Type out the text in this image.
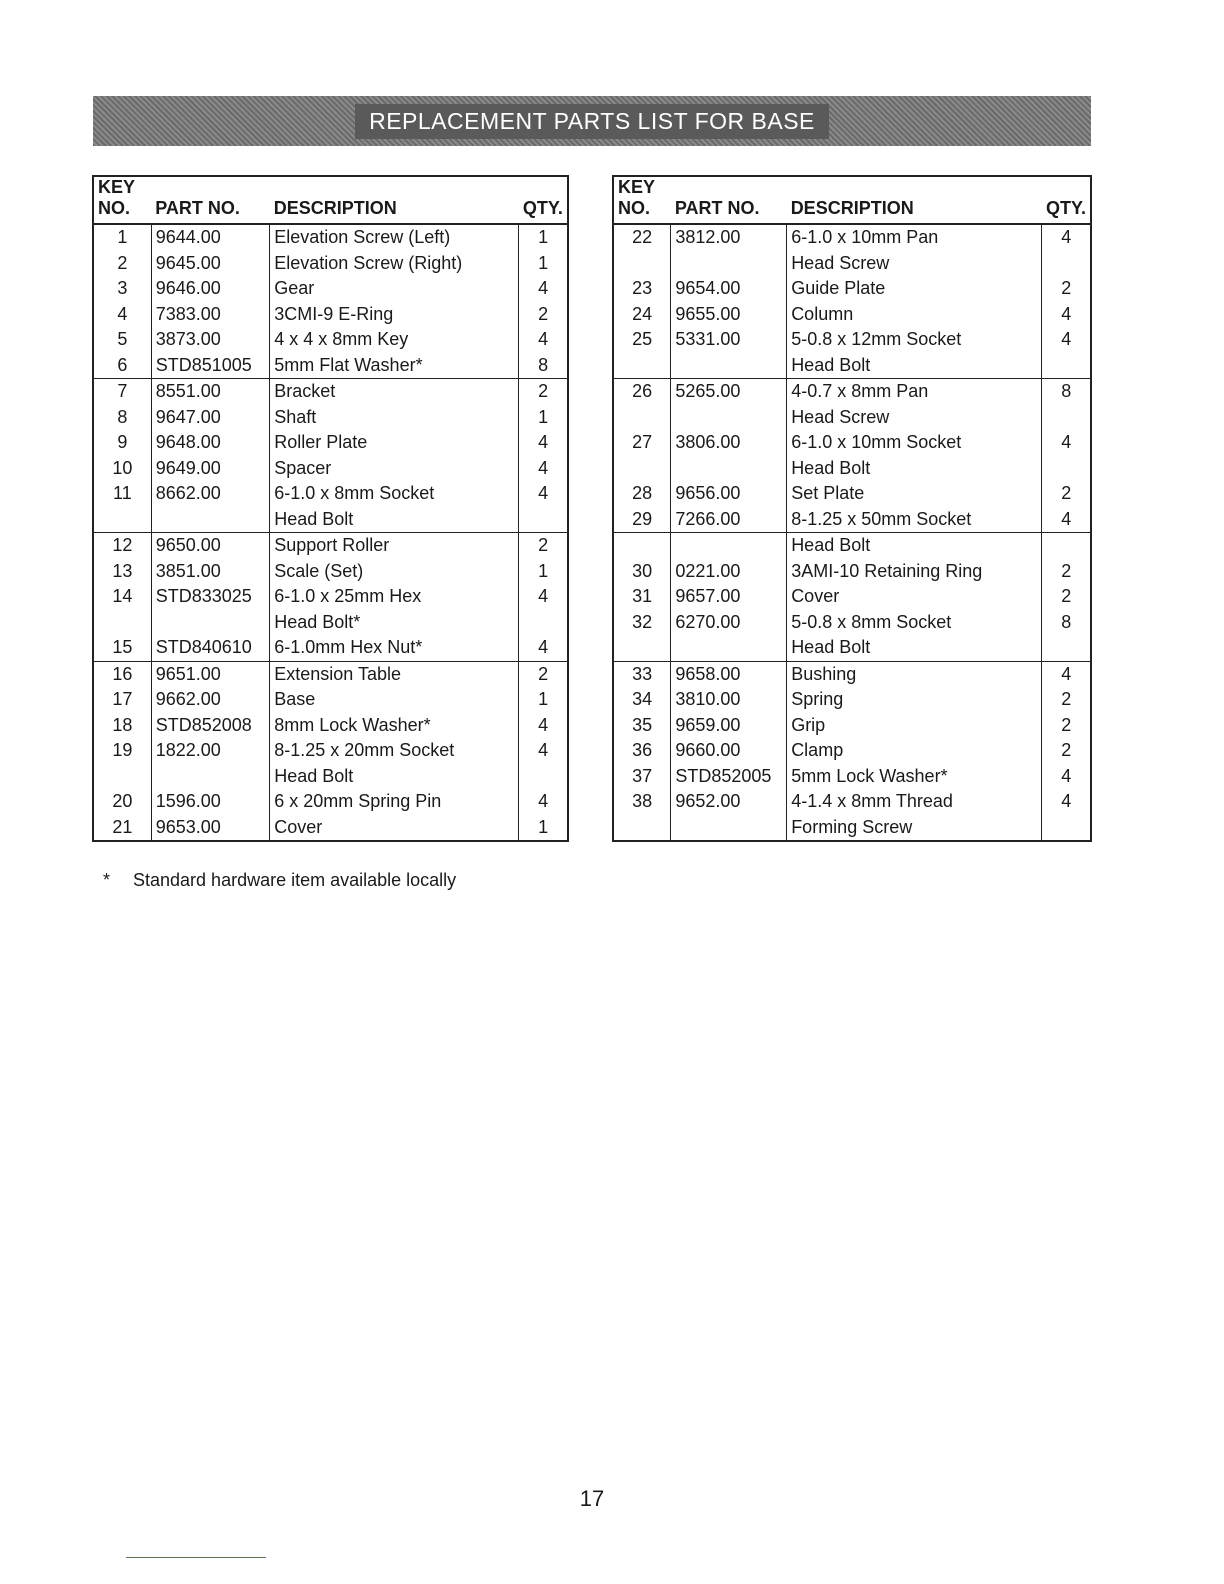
REPLACEMENT PARTS LIST FOR BASE
KEY
NO.	PART NO.	DESCRIPTION	QTY.
1	9644.00	Elevation Screw (Left)	1
2	9645.00	Elevation Screw (Right)	1
3	9646.00	Gear	4
4	7383.00	3CMI-9 E-Ring	2
5	3873.00	4 x 4 x 8mm Key	4
6	STD851005	5mm Flat Washer*	8
7	8551.00	Bracket	2
8	9647.00	Shaft	1
9	9648.00	Roller Plate	4
10	9649.00	Spacer	4
11	8662.00	6-1.0 x 8mm Socket	4
		Head Bolt	
12	9650.00	Support Roller	2
13	3851.00	Scale (Set)	1
14	STD833025	6-1.0 x 25mm Hex	4
		Head Bolt*	
15	STD840610	6-1.0mm Hex Nut*	4
16	9651.00	Extension Table	2
17	9662.00	Base	1
18	STD852008	8mm Lock Washer*	4
19	1822.00	8-1.25 x 20mm Socket	4
		Head Bolt	
20	1596.00	6 x 20mm Spring Pin	4
21	9653.00	Cover	1
KEY
NO.	PART NO.	DESCRIPTION	QTY.
22	3812.00	6-1.0 x 10mm Pan	4
		Head Screw	
23	9654.00	Guide Plate	2
24	9655.00	Column	4
25	5331.00	5-0.8 x 12mm Socket	4
		Head Bolt	
26	5265.00	4-0.7 x 8mm Pan	8
		Head Screw	
27	3806.00	6-1.0 x 10mm Socket	4
		Head Bolt	
28	9656.00	Set Plate	2
29	7266.00	8-1.25 x 50mm Socket	4
		Head Bolt	
30	0221.00	3AMI-10 Retaining Ring	2
31	9657.00	Cover	2
32	6270.00	5-0.8 x 8mm Socket	8
		Head Bolt	
33	9658.00	Bushing	4
34	3810.00	Spring	2
35	9659.00	Grip	2
36	9660.00	Clamp	2
37	STD852005	5mm Lock Washer*	4
38	9652.00	4-1.4 x 8mm Thread	4
		Forming Screw	
* Standard hardware item available locally
17
